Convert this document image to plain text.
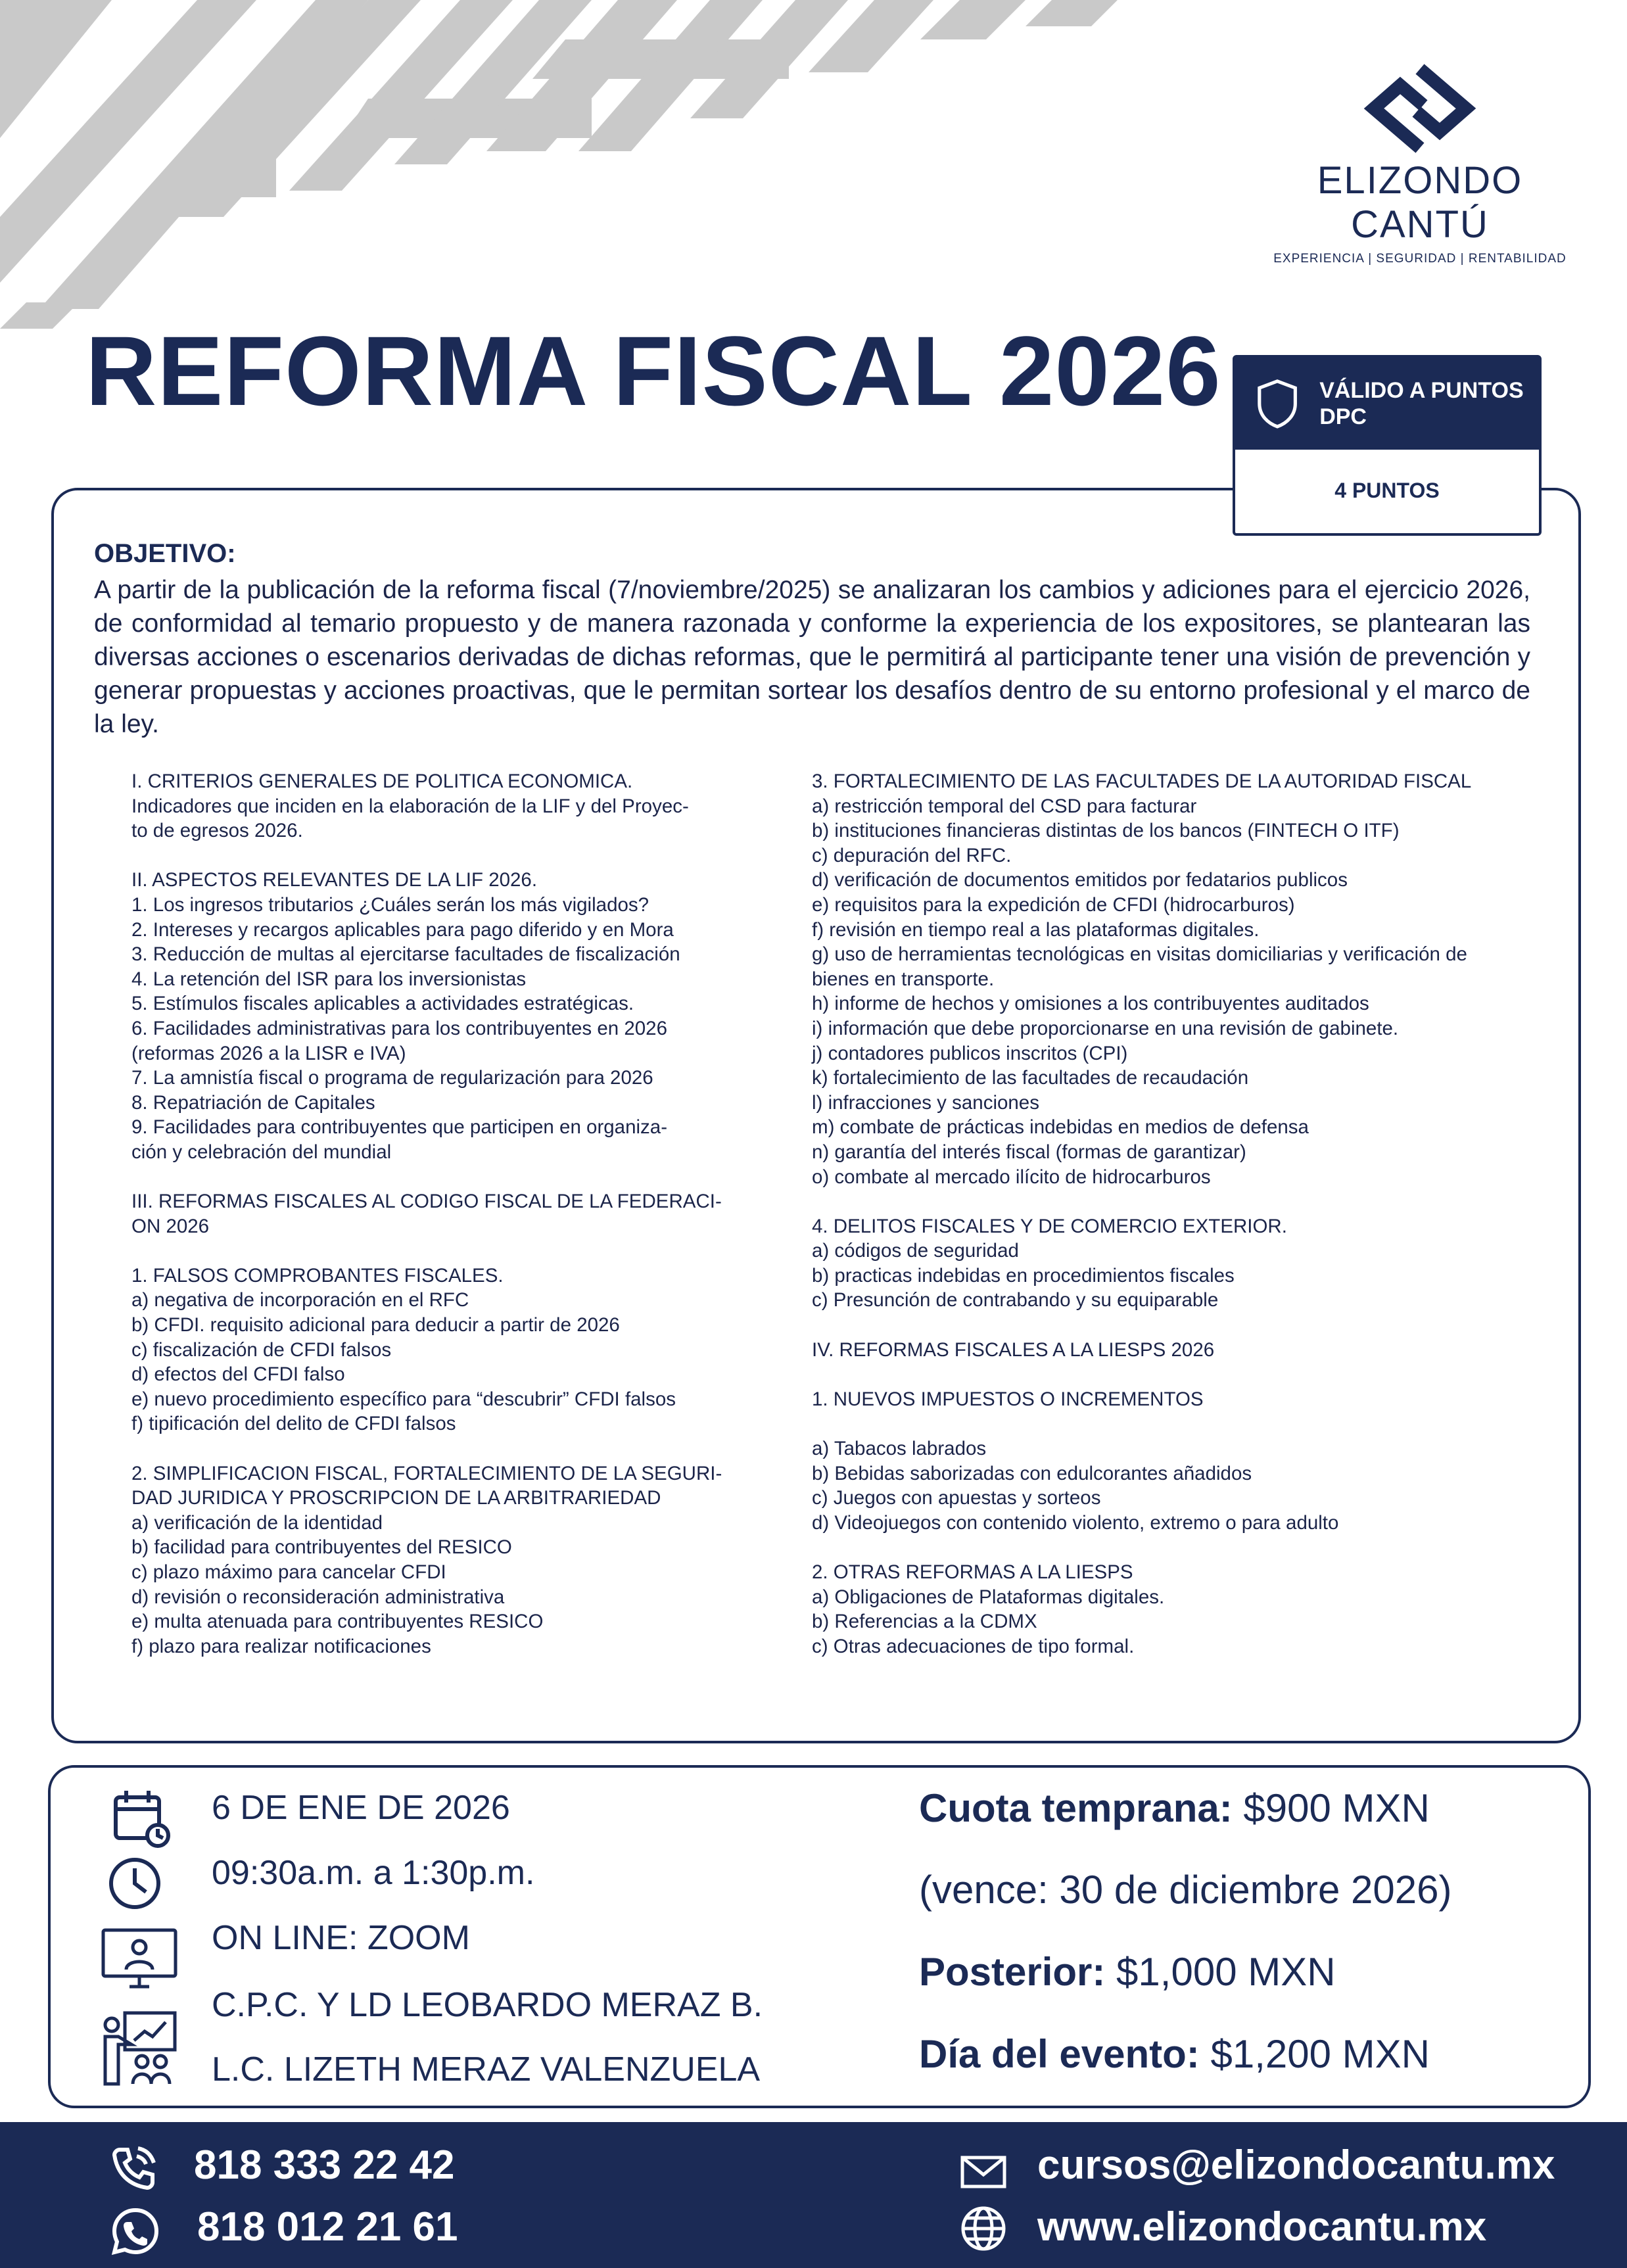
ELIZONDO CANTÚ
EXPERIENCIA | SEGURIDAD | RENTABILIDAD
REFORMA FISCAL 2026	VÁLIDO A PUNTOS DPC
4 PUNTOS
OBJETIVO:
A partir de la publicación de la reforma fiscal (7/noviembre/2025) se analizaran los cambios y adiciones para el ejercicio 2026, de conformidad al temario propuesto y de manera razonada y conforme la experiencia de los expositores, se plantearan las diversas acciones o escenarios derivadas de dichas reformas, que le permitirá al participante tener una visión de prevención y generar propuestas y acciones proactivas, que le permitan sortear los desafíos dentro de su entorno profesional y el marco de la ley.
I. CRITERIOS GENERALES DE POLITICA ECONOMICA.
Indicadores que inciden en la elaboración de la LIF y del Proyec-
to de egresos 2026.
II. ASPECTOS RELEVANTES DE LA LIF 2026.
1. Los ingresos tributarios ¿Cuáles serán los más vigilados?
2. Intereses y recargos aplicables para pago diferido y en Mora
3. Reducción de multas al ejercitarse facultades de fiscalización
4. La retención del ISR para los inversionistas
5. Estímulos fiscales aplicables a actividades estratégicas.
6. Facilidades administrativas para los contribuyentes en 2026
(reformas 2026 a la LISR e IVA)
7. La amnistía fiscal o programa de regularización para 2026
8. Repatriación de Capitales
9. Facilidades para contribuyentes que participen en organiza-
ción y celebración del mundial
III. REFORMAS FISCALES AL CODIGO FISCAL DE LA FEDERACI-
ON 2026
1. FALSOS COMPROBANTES FISCALES.
a) negativa de incorporación en el RFC
b) CFDI. requisito adicional para deducir a partir de 2026
c) fiscalización de CFDI falsos
d) efectos del CFDI falso
e) nuevo procedimiento específico para “descubrir” CFDI falsos
f) tipificación del delito de CFDI falsos
2. SIMPLIFICACION FISCAL, FORTALECIMIENTO DE LA SEGURI-
DAD JURIDICA Y PROSCRIPCION DE LA ARBITRARIEDAD
a) verificación de la identidad
b) facilidad para contribuyentes del RESICO
c) plazo máximo para cancelar CFDI
d) revisión o reconsideración administrativa
e) multa atenuada para contribuyentes RESICO
f) plazo para realizar notificaciones
3. FORTALECIMIENTO DE LAS FACULTADES DE LA AUTORIDAD FISCAL
a) restricción temporal del CSD para facturar
b) instituciones financieras distintas de los bancos (FINTECH O ITF)
c) depuración del RFC.
d) verificación de documentos emitidos por fedatarios publicos
e) requisitos para la expedición de CFDI (hidrocarburos)
f) revisión en tiempo real a las plataformas digitales.
g) uso de herramientas tecnológicas en visitas domiciliarias y verificación de
bienes en transporte.
h) informe de hechos y omisiones a los contribuyentes auditados
i) información que debe proporcionarse en una revisión de gabinete.
j) contadores publicos inscritos (CPI)
k) fortalecimiento de las facultades de recaudación
l) infracciones y sanciones
m) combate de prácticas indebidas en medios de defensa
n) garantía del interés fiscal (formas de garantizar)
o) combate al mercado ilícito de hidrocarburos
4. DELITOS FISCALES Y DE COMERCIO EXTERIOR.
a) códigos de seguridad
b) practicas indebidas en procedimientos fiscales
c) Presunción de contrabando y su equiparable
IV. REFORMAS FISCALES A LA LIESPS 2026
1. NUEVOS IMPUESTOS O INCREMENTOS
a) Tabacos labrados
b) Bebidas saborizadas con edulcorantes añadidos
c) Juegos con apuestas y sorteos
d) Videojuegos con contenido violento, extremo o para adulto
2. OTRAS REFORMAS A LA LIESPS
a) Obligaciones de Plataformas digitales.
b) Referencias a la CDMX
c) Otras adecuaciones de tipo formal.
6 DE ENE DE 2026
09:30a.m. a 1:30p.m.
ON LINE: ZOOM
C.P.C. Y LD LEOBARDO MERAZ B.
L.C. LIZETH MERAZ VALENZUELA
Cuota temprana: $900 MXN
(vence: 30 de diciembre 2026)
Posterior: $1,000 MXN
Día del evento: $1,200 MXN
818 333 22 42
818 012 21 61
cursos@elizondocantu.mx
www.elizondocantu.mx
